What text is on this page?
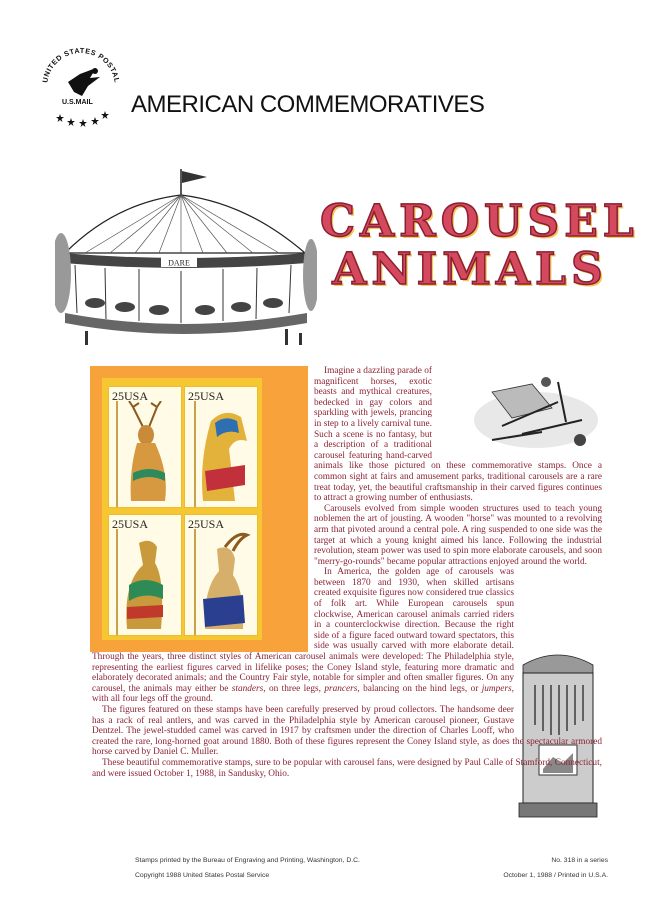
UNITED STATES POSTAL
U.S.MAIL AMERICAN COMMEMORATIVES
DARE
CAROUSEL
ANIMALS
25USA	25USA
25USA	25USA

Imagine a dazzling parade of magnificent horses, exotic beasts and mythical creatures, bedecked in gay colors and sparkling with jewels, prancing in step to a lively carnival tune. Such a scene is no fantasy, but a description of a traditional carousel featuring hand-carved animals like those pictured on these commemorative stamps. Once a common sight at fairs and amusement parks, traditional carousels are a rare treat today, yet, the beautiful craftsmanship in their carved figures continues to attract a growing number of enthusiasts.

Carousels evolved from simple wooden structures used to teach young noblemen the art of jousting. A wooden "horse" was mounted to a revolving arm that pivoted around a central pole. A ring suspended to one side was the target at which a young knight aimed his lance. Following the industrial revolution, steam power was used to spin more elaborate carousels, and soon "merry-go-rounds" became popular attractions enjoyed around the world.

In America, the golden age of carousels was between 1870 and 1930, when skilled artisans created exquisite figures now considered true classics of folk art. While European carousels spun clockwise, American carousel animals carried riders in a counterclockwise direction. Because the right side of a figure faced outward toward spectators, this side was usually carved with more elaborate detail. Through the years, three distinct styles of American carousel animals were developed: The Philadelphia style, representing the earliest figures carved in lifelike poses; the Coney Island style, featuring more dramatic and elaborately decorated animals; and the Country Fair style, notable for simpler and often smaller figures. On any carousel, the animals may either be standers, on three legs, prancers, balancing on the hind legs, or jumpers, with all four legs off the ground.

The figures featured on these stamps have been carefully preserved by proud collectors. The handsome deer has a rack of real antlers, and was carved in the Philadelphia style by American carousel pioneer, Gustave Dentzel. The jewel-studded camel was carved in 1917 by craftsmen under the direction of Charles Looff, who created the rare, long-horned goat around 1880. Both of these figures represent the Coney Island style, as does the spectacular armored horse carved by Daniel C. Muller.

These beautiful commemorative stamps, sure to be popular with carousel fans, were designed by Paul Calle of Stamford, Connecticut, and were issued October 1, 1988, in Sandusky, Ohio.

Stamps printed by the Bureau of Engraving and Printing, Washington, D.C.	No. 318 in a series
Copyright 1988 United States Postal Service	October 1, 1988 / Printed in U.S.A.
